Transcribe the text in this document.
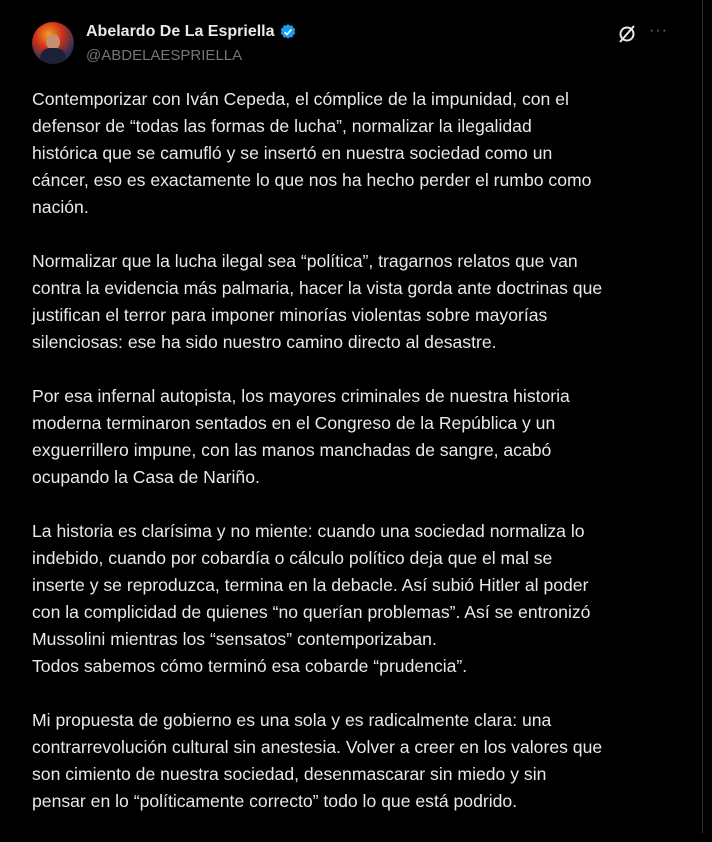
Abelardo De La Espriella
@ABDELAESPRIELLA
···
Contemporizar con Iván Cepeda, el cómplice de la impunidad, con el
defensor de “todas las formas de lucha”, normalizar la ilegalidad
histórica que se camufló y se insertó en nuestra sociedad como un
cáncer, eso es exactamente lo que nos ha hecho perder el rumbo como
nación.
Normalizar que la lucha ilegal sea “política”, tragarnos relatos que van
contra la evidencia más palmaria, hacer la vista gorda ante doctrinas que
justifican el terror para imponer minorías violentas sobre mayorías
silenciosas: ese ha sido nuestro camino directo al desastre.
Por esa infernal autopista, los mayores criminales de nuestra historia
moderna terminaron sentados en el Congreso de la República y un
exguerrillero impune, con las manos manchadas de sangre, acabó
ocupando la Casa de Nariño.
La historia es clarísima y no miente: cuando una sociedad normaliza lo
indebido, cuando por cobardía o cálculo político deja que el mal se
inserte y se reproduzca, termina en la debacle. Así subió Hitler al poder
con la complicidad de quienes “no querían problemas”. Así se entronizó
Mussolini mientras los “sensatos” contemporizaban.
Todos sabemos cómo terminó esa cobarde “prudencia”.
Mi propuesta de gobierno es una sola y es radicalmente clara: una
contrarrevolución cultural sin anestesia. Volver a creer en los valores que
son cimiento de nuestra sociedad, desenmascarar sin miedo y sin
pensar en lo “políticamente correcto” todo lo que está podrido.
